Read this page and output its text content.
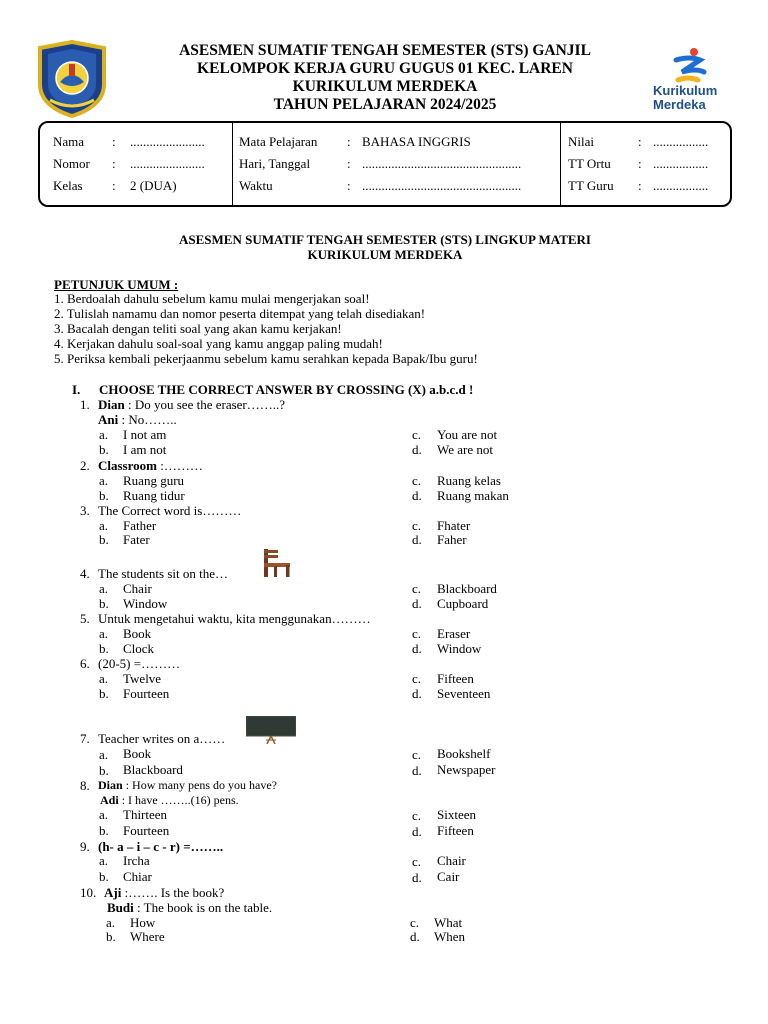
ASESMEN SUMATIF TENGAH SEMESTER (STS) GANJIL
KELOMPOK KERJA GURU GUGUS 01 KEC. LAREN
KURIKULUM MERDEKA
TAHUN PELAJARAN 2024/2025
Kurikulum
Merdeka
Nama : .......................
Nomor : .......................
Kelas : 2 (DUA)
Mata Pelajaran : BAHASA INGGRIS
Hari, Tanggal	: .................................................
Waktu	: .................................................
Nilai	: .................
TT Ortu : .................
TT Guru : .................
ASESMEN SUMATIF TENGAH SEMESTER (STS) LINGKUP MATERI
KURIKULUM MERDEKA
PETUNJUK UMUM :
1. Berdoalah dahulu sebelum kamu mulai mengerjakan soal!
2. Tulislah namamu dan nomor peserta ditempat yang telah disediakan!
3. Bacalah dengan teliti soal yang akan kamu kerjakan!
4. Kerjakan dahulu soal-soal yang kamu anggap paling mudah!
5. Periksa kembali pekerjaanmu sebelum kamu serahkan kepada Bapak/Ibu guru!
I. CHOOSE THE CORRECT ANSWER BY CROSSING (X) a.b.c.d !
1. Dian : Do you see the eraser……..?
Ani : No……..
a. I not am
b. I am not
c. You are not
d. We are not
2. Classroom :………
a. Ruang guru
b. Ruang tidur
c. Ruang kelas
d. Ruang makan
3. The Correct word is………
a. Father
b. Fater
c. Fhater
d. Faher
4. The students sit on the…
a. Chair
b. Window
c. Blackboard
d. Cupboard
5. Untuk mengetahui waktu, kita menggunakan………
a. Book
b. Clock
c. Eraser
d. Window
6. (20-5) =………
a. Twelve
b. Fourteen
c. Fifteen
d. Seventeen
7. Teacher writes on a……
a. Book
b. Blackboard
c. Bookshelf
d. Newspaper
8. Dian : How many pens do you have?
Adi : I have ……..(16) pens.
a. Thirteen
b. Fourteen
c. Sixteen
d. Fifteen
9. (h- a – i – c - r) =……..
a. Ircha
b. Chiar
c. Chair
d. Cair
10. Aji :……. Is the book?
Budi : The book is on the table.
a. How
b. Where
c. What
d. When
